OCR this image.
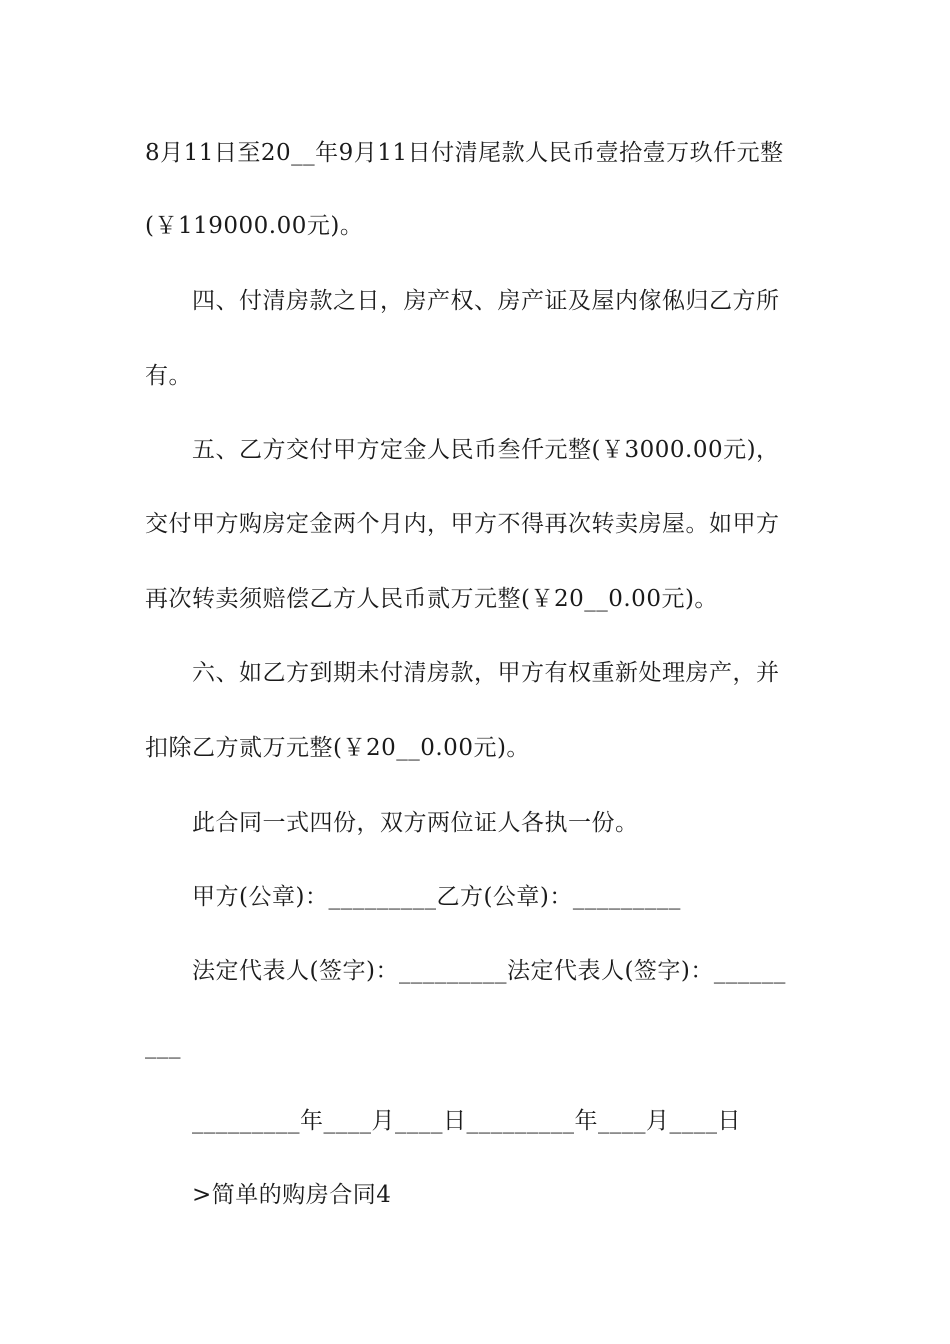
8月11日至20__年9月11日付清尾款人民币壹拾壹万玖仟元整
(￥119000.00元)。
四、付清房款之日，房产权、房产证及屋内傢俬归乙方所
有。
五、乙方交付甲方定金人民币叁仟元整(￥3000.00元)，
交付甲方购房定金两个月内，甲方不得再次转卖房屋。如甲方
再次转卖须赔偿乙方人民币贰万元整(￥20__0.00元)。
六、如乙方到期未付清房款，甲方有权重新处理房产，并
扣除乙方贰万元整(￥20__0.00元)。
此合同一式四份，双方两位证人各执一份。
甲方(公章)：_________乙方(公章)：_________
法定代表人(签字)：_________法定代表人(签字)：______
___
_________年____月____日_________年____月____日
>简单的购房合同4
